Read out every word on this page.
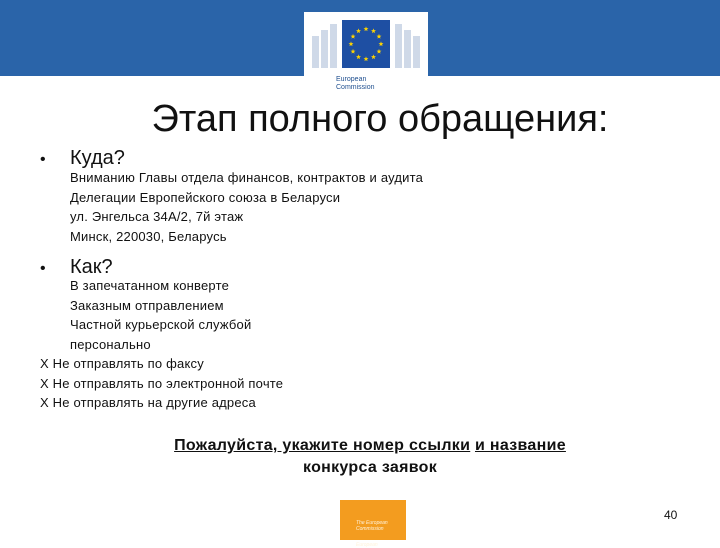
European
Commission
Этап полного обращения:
•	Куда?
Вниманию Главы отдела финансов, контрактов и аудита
Делегации Европейского союза в Беларуси
ул. Энгельса 34А/2, 7й этаж
Минск, 220030, Беларусь
•	Как?
В запечатанном конверте
Заказным отправлением
Частной курьерской службой
персонально
X Не отправлять по факсу
X Не отправлять по электронной почте
X Не отправлять на другие адреса
Пожалуйста, укажите номер ссылки и название
конкурса заявок
The European Commission
European
40
